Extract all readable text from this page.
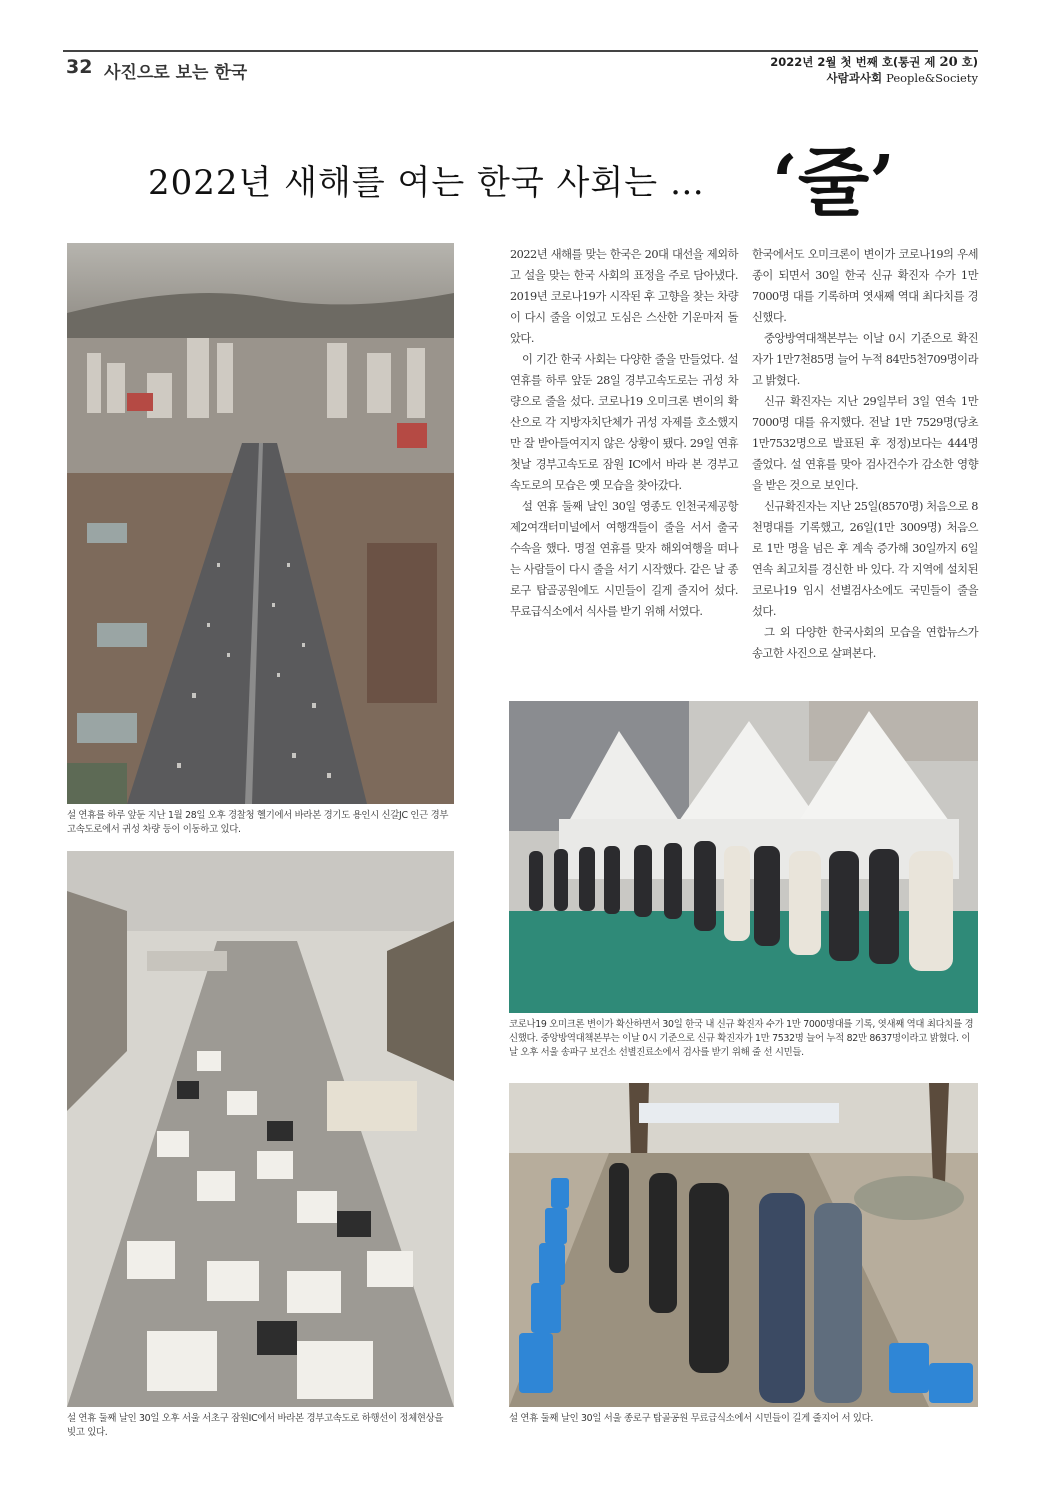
32 사진으로 보는 한국
2022년 2월 첫 번째 호(통권 제 20 호)
사람과사회 People&Society
2022년 새해를 여는 한국 사회는 … ‘줄’
설 연휴를 하루 앞둔 지난 1월 28일 오후 경찰청 헬기에서 바라본 경기도 용인시 신갈JC 인근 경부고속도로에서 귀성 차량 등이 이동하고 있다.
설 연휴 둘째 날인 30일 오후 서울 서초구 잠원IC에서 바라본 경부고속도로 하행선이 정체현상을 빚고 있다.

2022년 새해를 맞는 한국은 20대 대선을 제외하고 설을 맞는 한국 사회의 표정을 주로 담아냈다. 2019년 코로나19가 시작된 후 고향을 찾는 차량이 다시 줄을 이었고 도심은 스산한 기운마저 돌았다.

이 기간 한국 사회는 다양한 줄을 만들었다. 설 연휴를 하루 앞둔 28일 경부고속도로는 귀성 차량으로 줄을 섰다. 코로나19 오미크론 변이의 확산으로 각 지방자치단체가 귀성 자제를 호소했지만 잘 받아들여지지 않은 상황이 됐다. 29일 연휴 첫날 경부고속도로 잠원 IC에서 바라 본 경부고속도로의 모습은 옛 모습을 찾아갔다.

설 연휴 둘째 날인 30일 영종도 인천국제공항 제2여객터미널에서 여행객들이 줄을 서서 출국 수속을 했다. 명절 연휴를 맞자 해외여행을 떠나는 사람들이 다시 줄을 서기 시작했다. 같은 날 종로구 탑골공원에도 시민들이 길게 줄지어 섰다. 무료급식소에서 식사를 받기 위해 서였다.

한국에서도 오미크론이 변이가 코로나19의 우세종이 되면서 30일 한국 신규 확진자 수가 1만 7000명 대를 기록하며 엿새째 역대 최다치를 경신했다.

중앙방역대책본부는 이날 0시 기준으로 확진자가 1만7천85명 늘어 누적 84만5천709명이라고 밝혔다.

신규 확진자는 지난 29일부터 3일 연속 1만 7000명 대를 유지했다. 전날 1만 7529명(당초 1만7532명으로 발표된 후 정정)보다는 444명 줄었다. 설 연휴를 맞아 검사건수가 감소한 영향을 받은 것으로 보인다.

신규확진자는 지난 25일(8570명) 처음으로 8천명대를 기록했고, 26일(1만 3009명) 처음으로 1만 명을 넘은 후 계속 증가해 30일까지 6일 연속 최고치를 경신한 바 있다. 각 지역에 설치된 코로나19 임시 선별검사소에도 국민들이 줄을 섰다.

그 외 다양한 한국사회의 모습을 연합뉴스가 송고한 사진으로 살펴본다.

코로나19 오미크론 변이가 확산하면서 30일 한국 내 신규 확진자 수가 1만 7000명대를 기록, 엿새째 역대 최다치를 경신했다. 중앙방역대책본부는 이날 0시 기준으로 신규 확진자가 1만 7532명 늘어 누적 82만 8637명이라고 밝혔다. 이날 오후 서울 송파구 보건소 선별진료소에서 검사를 받기 위해 줄 선 시민들.
설 연휴 둘째 날인 30일 서울 종로구 탑골공원 무료급식소에서 시민들이 길게 줄지어 서 있다.
